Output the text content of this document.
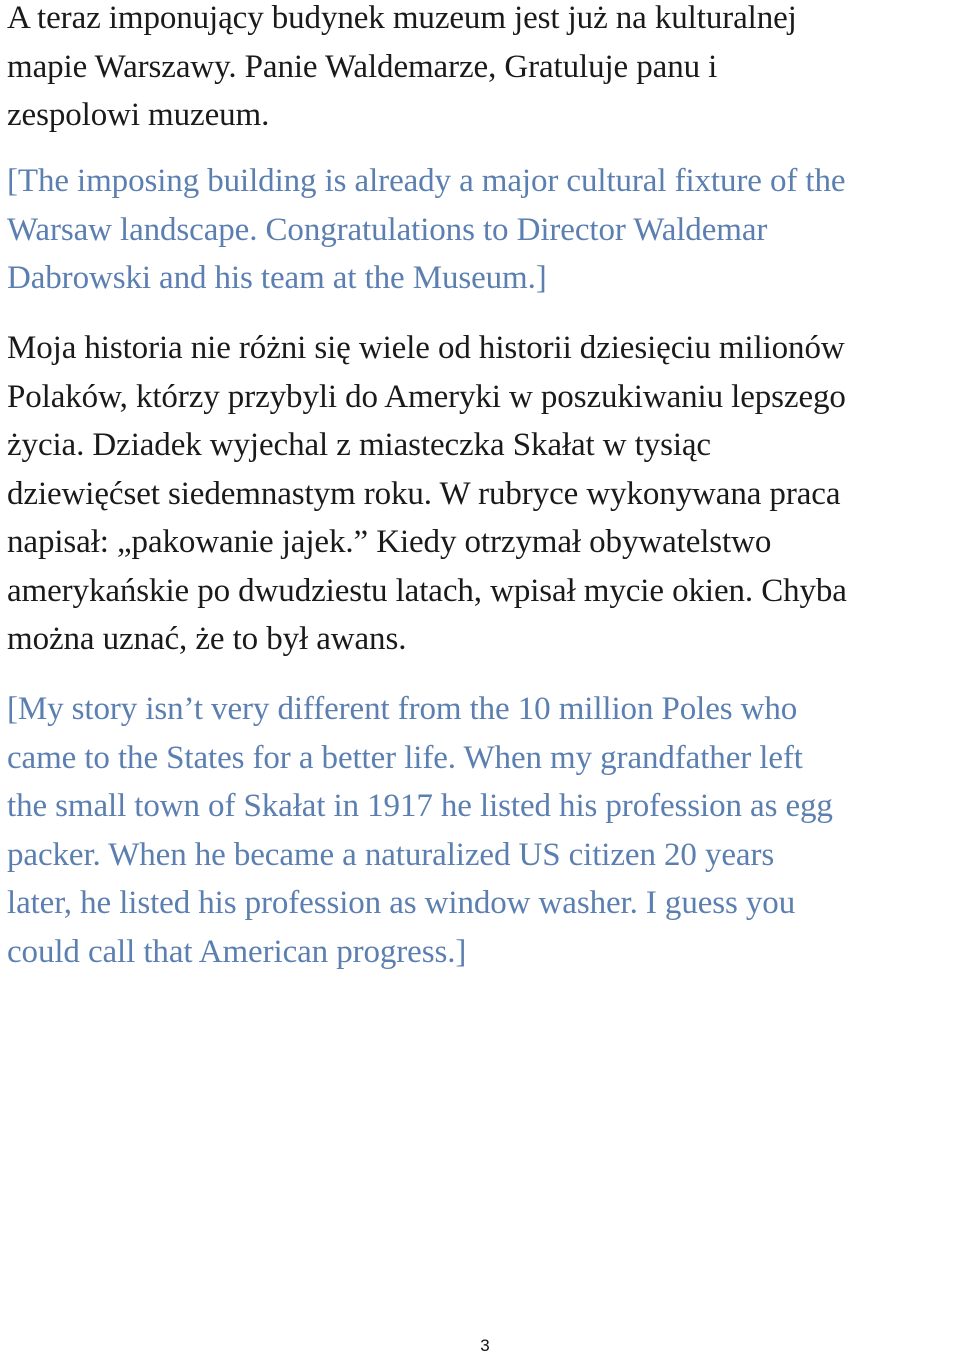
A teraz imponujący budynek muzeum jest już na kulturalnej
mapie Warszawy. Panie Waldemarze, Gratuluje panu i
zespolowi muzeum.

[The imposing building is already a major cultural fixture of the
Warsaw landscape. Congratulations to Director Waldemar
Dabrowski and his team at the Museum.]

Moja historia nie różni się wiele od historii dziesięciu milionów
Polaków, którzy przybyli do Ameryki w poszukiwaniu lepszego
życia. Dziadek wyjechal z miasteczka Skałat w tysiąc
dziewięćset siedemnastym roku. W rubryce wykonywana praca
napisał: „pakowanie jajek.” Kiedy otrzymał obywatelstwo
amerykańskie po dwudziestu latach, wpisał mycie okien. Chyba
można uznać, że to był awans.

[My story isn’t very different from the 10 million Poles who
came to the States for a better life. When my grandfather left
the small town of Skałat in 1917 he listed his profession as egg
packer. When he became a naturalized US citizen 20 years
later, he listed his profession as window washer. I guess you
could call that American progress.]

3
